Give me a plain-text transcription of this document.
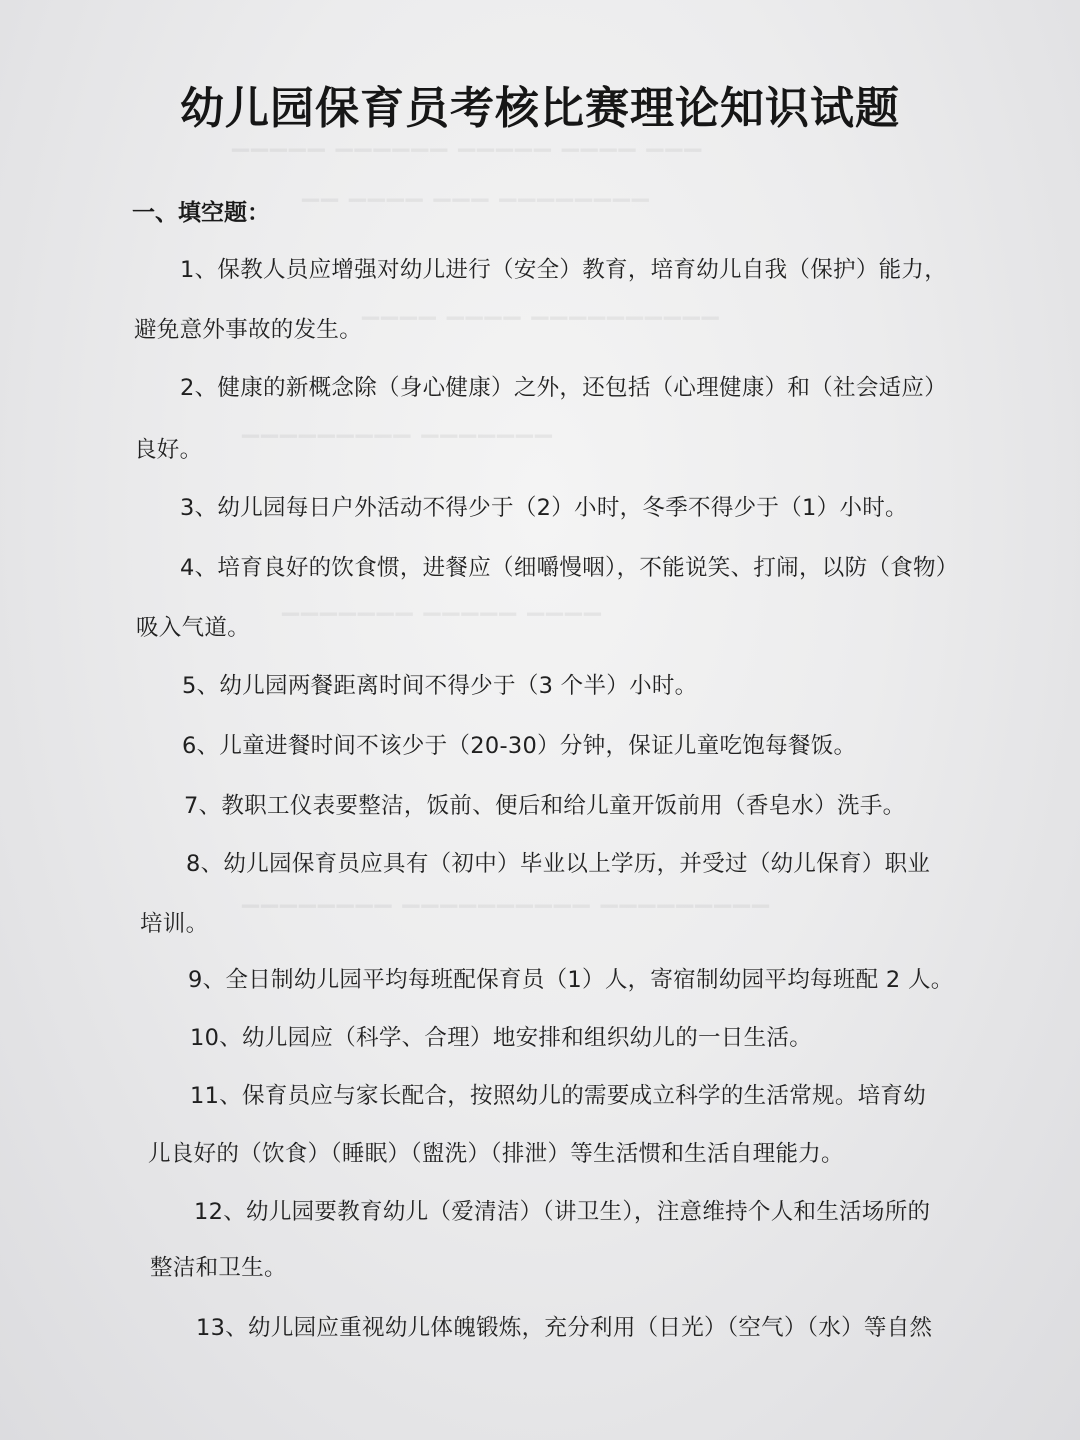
▔▔▔ ▔▔▔▔ ▔▔▔▔▔ ▔▔▔▔▔▔ ▔▔▔▔▔
▔▔▔▔▔▔▔▔ ▔▔▔ ▔▔▔▔ ▔▔
▔▔▔▔▔▔▔▔▔▔ ▔▔▔▔ ▔▔▔▔
▔▔▔▔▔▔▔ ▔▔▔▔▔▔▔▔▔
▔▔▔▔ ▔▔▔▔▔ ▔▔▔▔▔▔▔
▔▔▔▔▔▔▔▔▔ ▔▔▔▔▔▔▔▔▔▔ ▔▔▔▔▔▔▔▔
幼儿园保育员考核比赛理论知识试题
一、填空题：
1、保教人员应增强对幼儿进行（安全）教育，培育幼儿自我（保护）能力，
避免意外事故的发生。
2、健康的新概念除（身心健康）之外，还包括（心理健康）和（社会适应）
良好。
3、幼儿园每日户外活动不得少于（2）小时，冬季不得少于（1）小时。
4、培育良好的饮食惯，进餐应（细嚼慢咽），不能说笑、打闹，以防（食物）
吸入气道。
5、幼儿园两餐距离时间不得少于（3 个半）小时。
6、儿童进餐时间不该少于（20-30）分钟，保证儿童吃饱每餐饭。
7、教职工仪表要整洁，饭前、便后和给儿童开饭前用（香皂水）洗手。
8、幼儿园保育员应具有（初中）毕业以上学历，并受过（幼儿保育）职业
培训。
9、全日制幼儿园平均每班配保育员（1）人，寄宿制幼园平均每班配 2 人。
10、幼儿园应（科学、合理）地安排和组织幼儿的一日生活。
11、保育员应与家长配合，按照幼儿的需要成立科学的生活常规。培育幼
儿良好的（饮食）（睡眠）（盥洗）（排泄）等生活惯和生活自理能力。
12、幼儿园要教育幼儿（爱清洁）（讲卫生），注意维持个人和生活场所的
整洁和卫生。
13、幼儿园应重视幼儿体魄锻炼，充分利用（日光）（空气）（水）等自然
